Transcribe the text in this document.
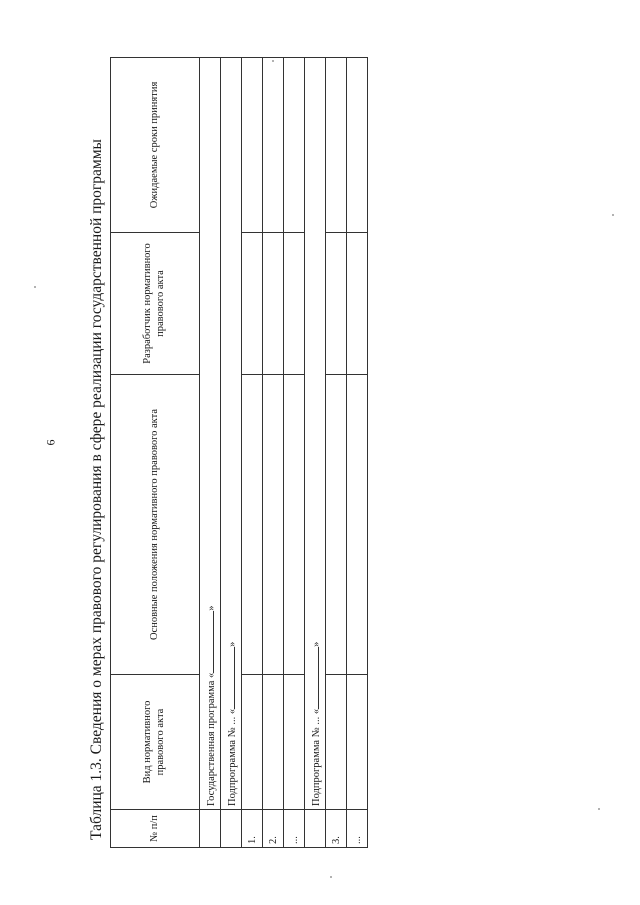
6 Таблица 1.3. Сведения о мерах правового регулирования в сфере реализации государственной программы	№ п/п	Вид нормативного правового акта	Основные положения нормативного правового акта	Разработчик нормативного правового акта	Ожидаемые сроки принятия
	Государственная программа «»			
	Подпрограмма № ... «»			
1.				
2.				
...				
	Подпрограмма № ... «»			
3.				
...				
